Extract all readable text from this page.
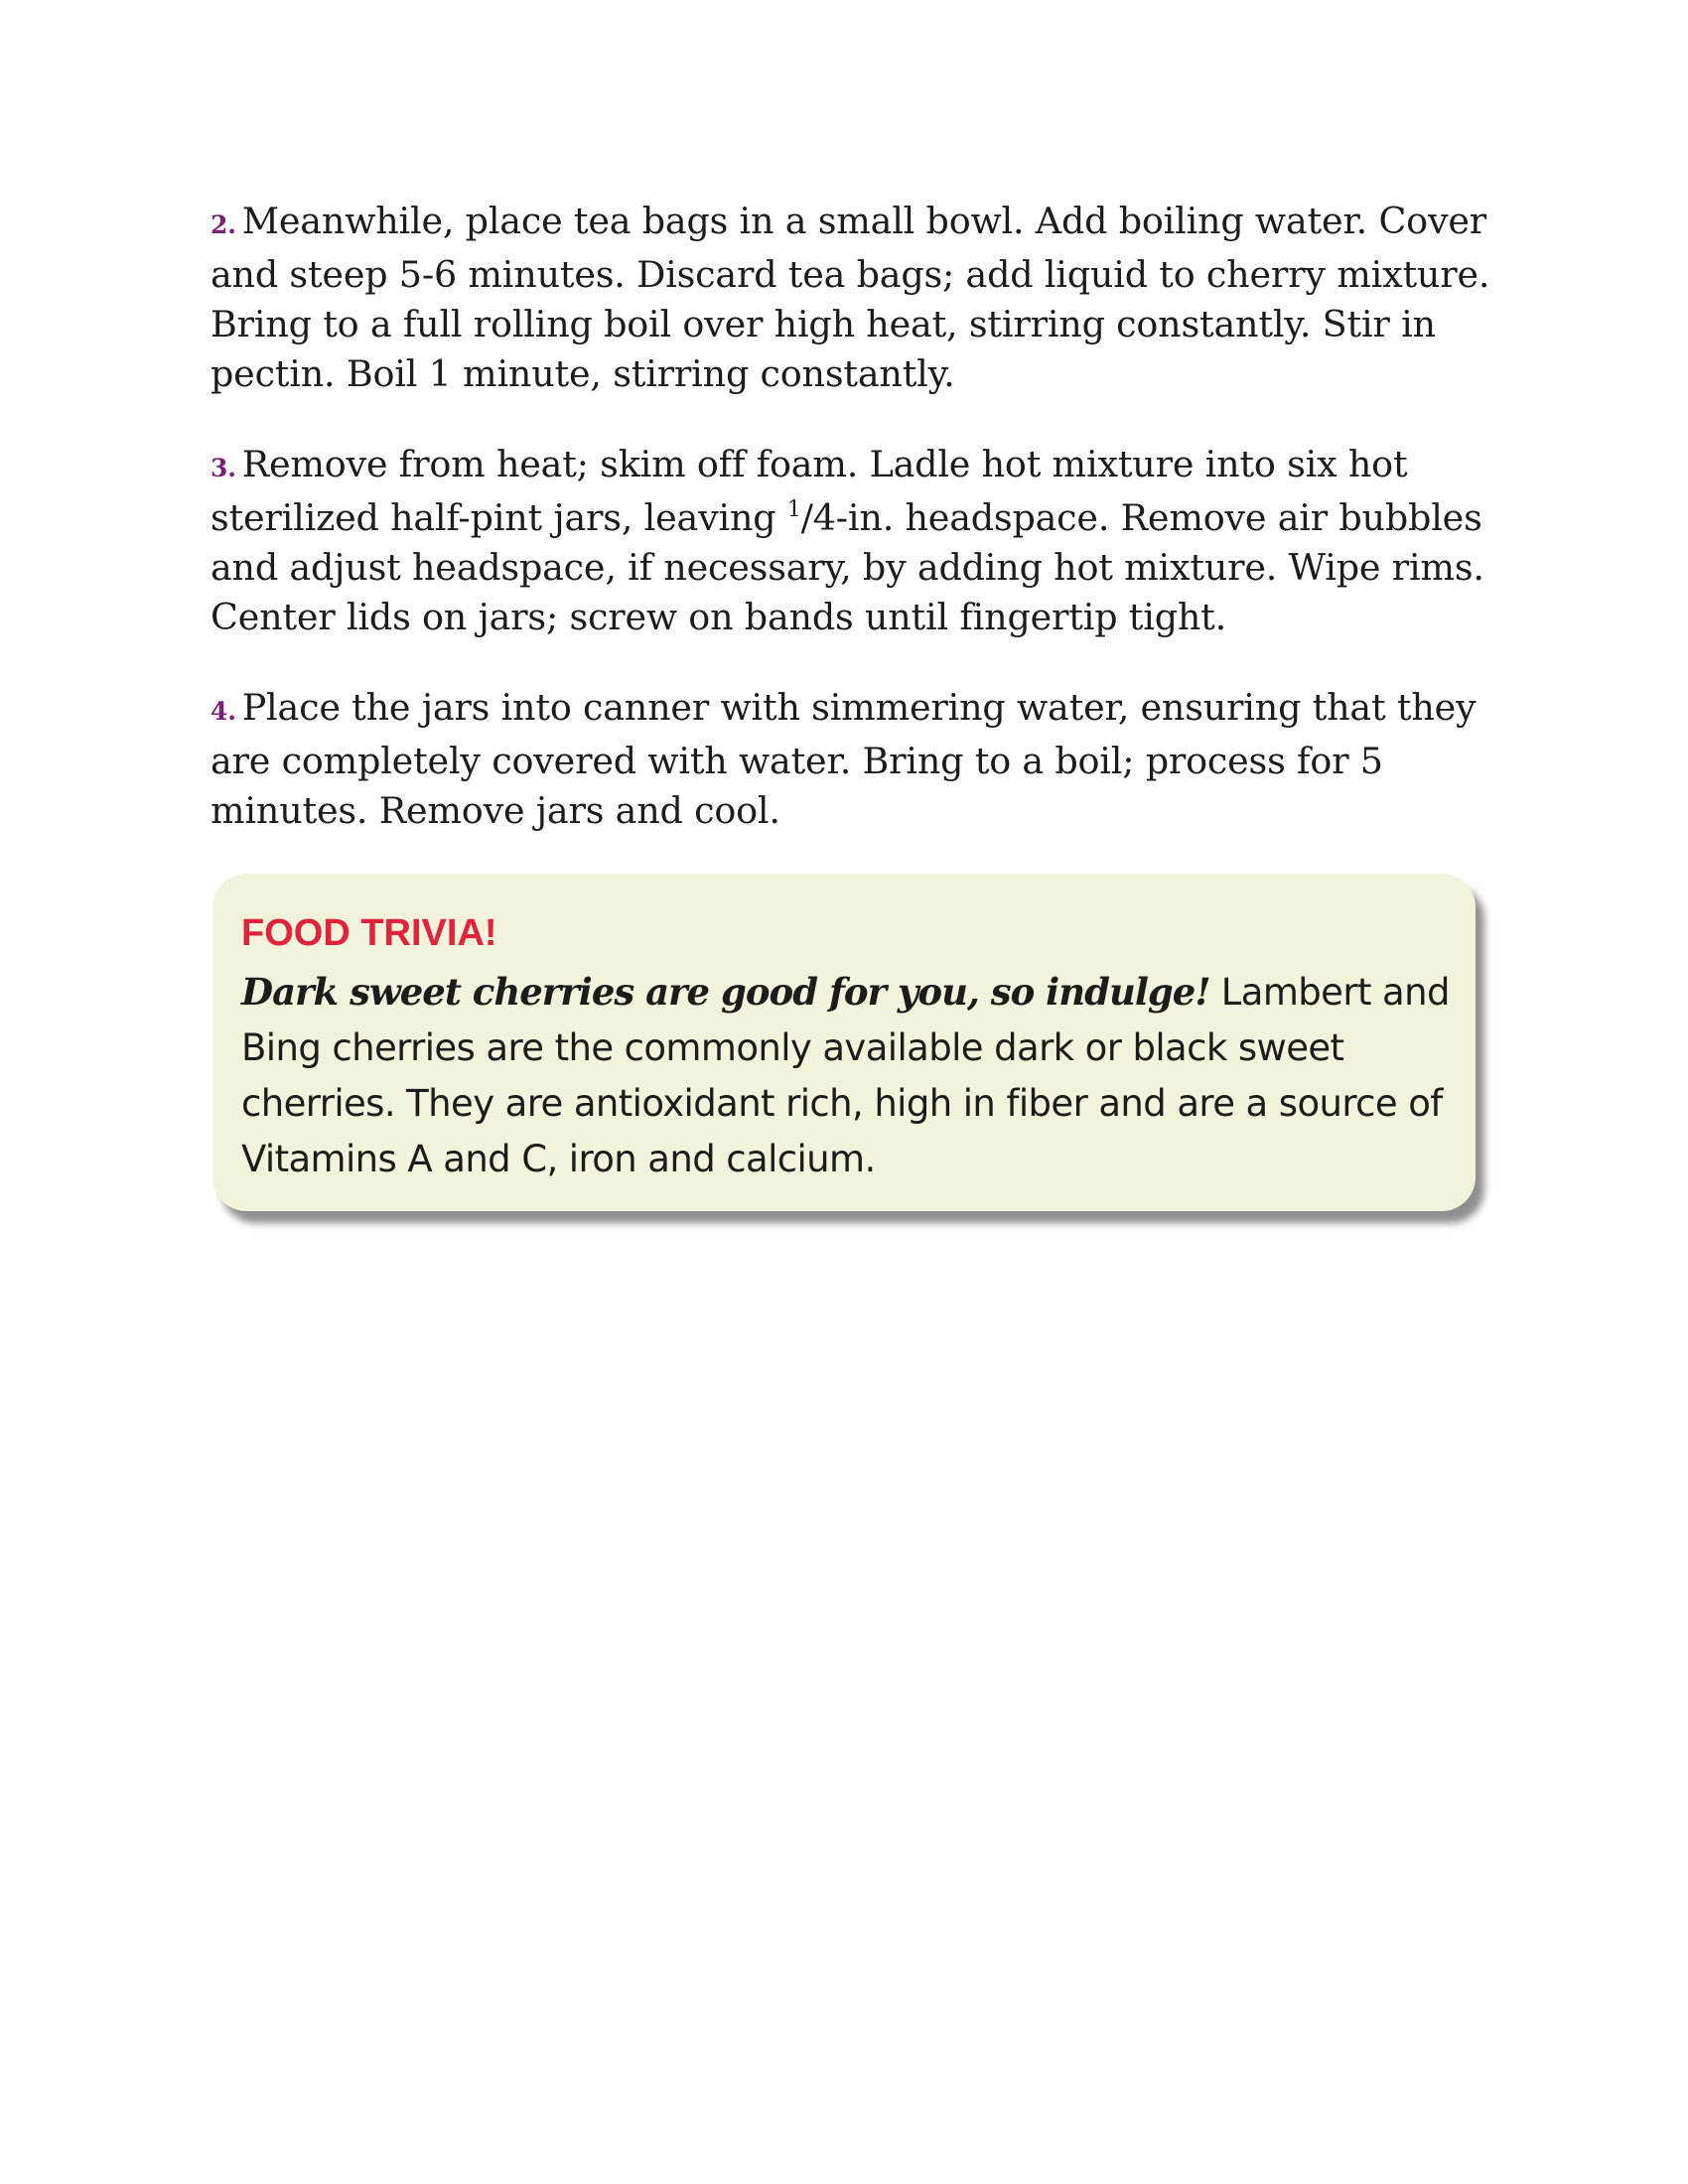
2. Meanwhile, place tea bags in a small bowl. Add boiling water. Cover and steep 5-6 minutes. Discard tea bags; add liquid to cherry mixture. Bring to a full rolling boil over high heat, stirring constantly. Stir in pectin. Boil 1 minute, stirring constantly.

3. Remove from heat; skim off foam. Ladle hot mixture into six hot sterilized half-pint jars, leaving $^1$/4-in. headspace. Remove air bubbles and adjust headspace, if necessary, by adding hot mixture. Wipe rims. Center lids on jars; screw on bands until fingertip tight.

4. Place the jars into canner with simmering water, ensuring that they are completely covered with water. Bring to a boil; process for 5 minutes. Remove jars and cool.

FOOD TRIVIA!

Dark sweet cherries are good for you, so indulge! Lambert and Bing cherries are the commonly available dark or black sweet cherries. They are antioxidant rich, high in fiber and are a source of Vitamins A and C, iron and calcium.
